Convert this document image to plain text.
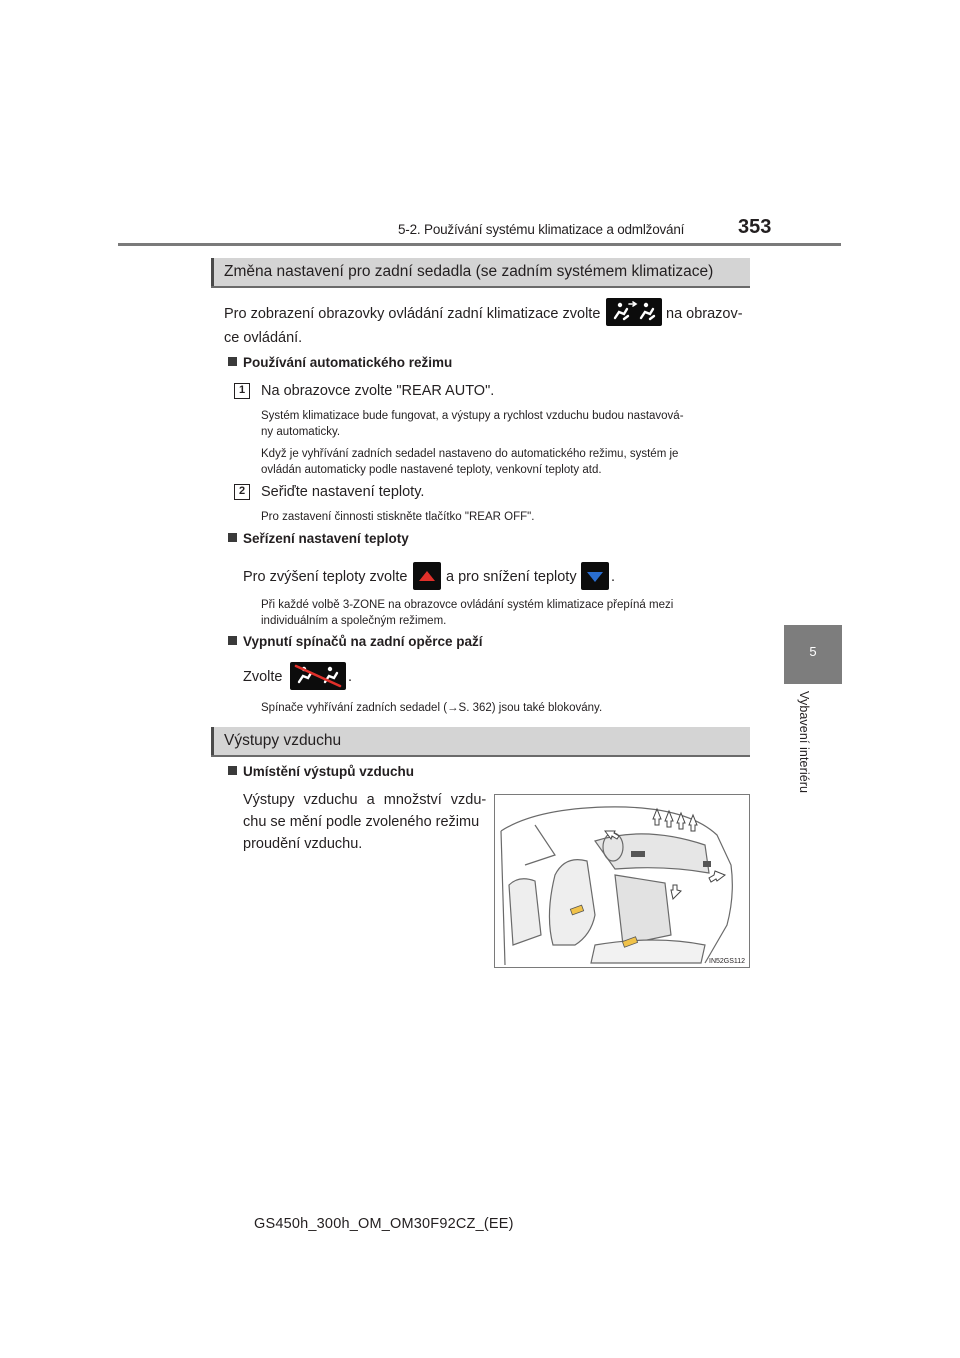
5-2. Používání systému klimatizace a odmlžování	353
5
Vybavení interiéru
Změna nastavení pro zadní sedadla (se zadním systémem klimatizace)
Pro zobrazení obrazovky ovládání zadní klimatizace zvolte	na obrazov-
ce ovládání.
Používání automatického režimu
1	Na obrazovce zvolte "REAR AUTO".
Systém klimatizace bude fungovat, a výstupy a rychlost vzduchu budou nastavová-
ny automaticky.
Když je vyhřívání zadních sedadel nastaveno do automatického režimu, systém je
ovládán automaticky podle nastavené teploty, venkovní teploty atd.
2	Seřiďte nastavení teploty.
Pro zastavení činnosti stiskněte tlačítko "REAR OFF".
Seřízení nastavení teploty
Pro zvýšení teploty zvolte	a pro snížení teploty .
Při každé volbě 3-ZONE na obrazovce ovládání systém klimatizace přepíná mezi
individuálním a společným režimem.
Vypnutí spínačů na zadní opěrce paží
Zvolte	.
Spínače vyhřívání zadních sedadel (→S. 362) jsou také blokovány.
Výstupy vzduchu
Umístění výstupů vzduchu
Výstupy vzduchu a množství vzdu-
chu se mění podle zvoleného režimu
proudění vzduchu.
IN52GS112
GS450h_300h_OM_OM30F92CZ_(EE)
